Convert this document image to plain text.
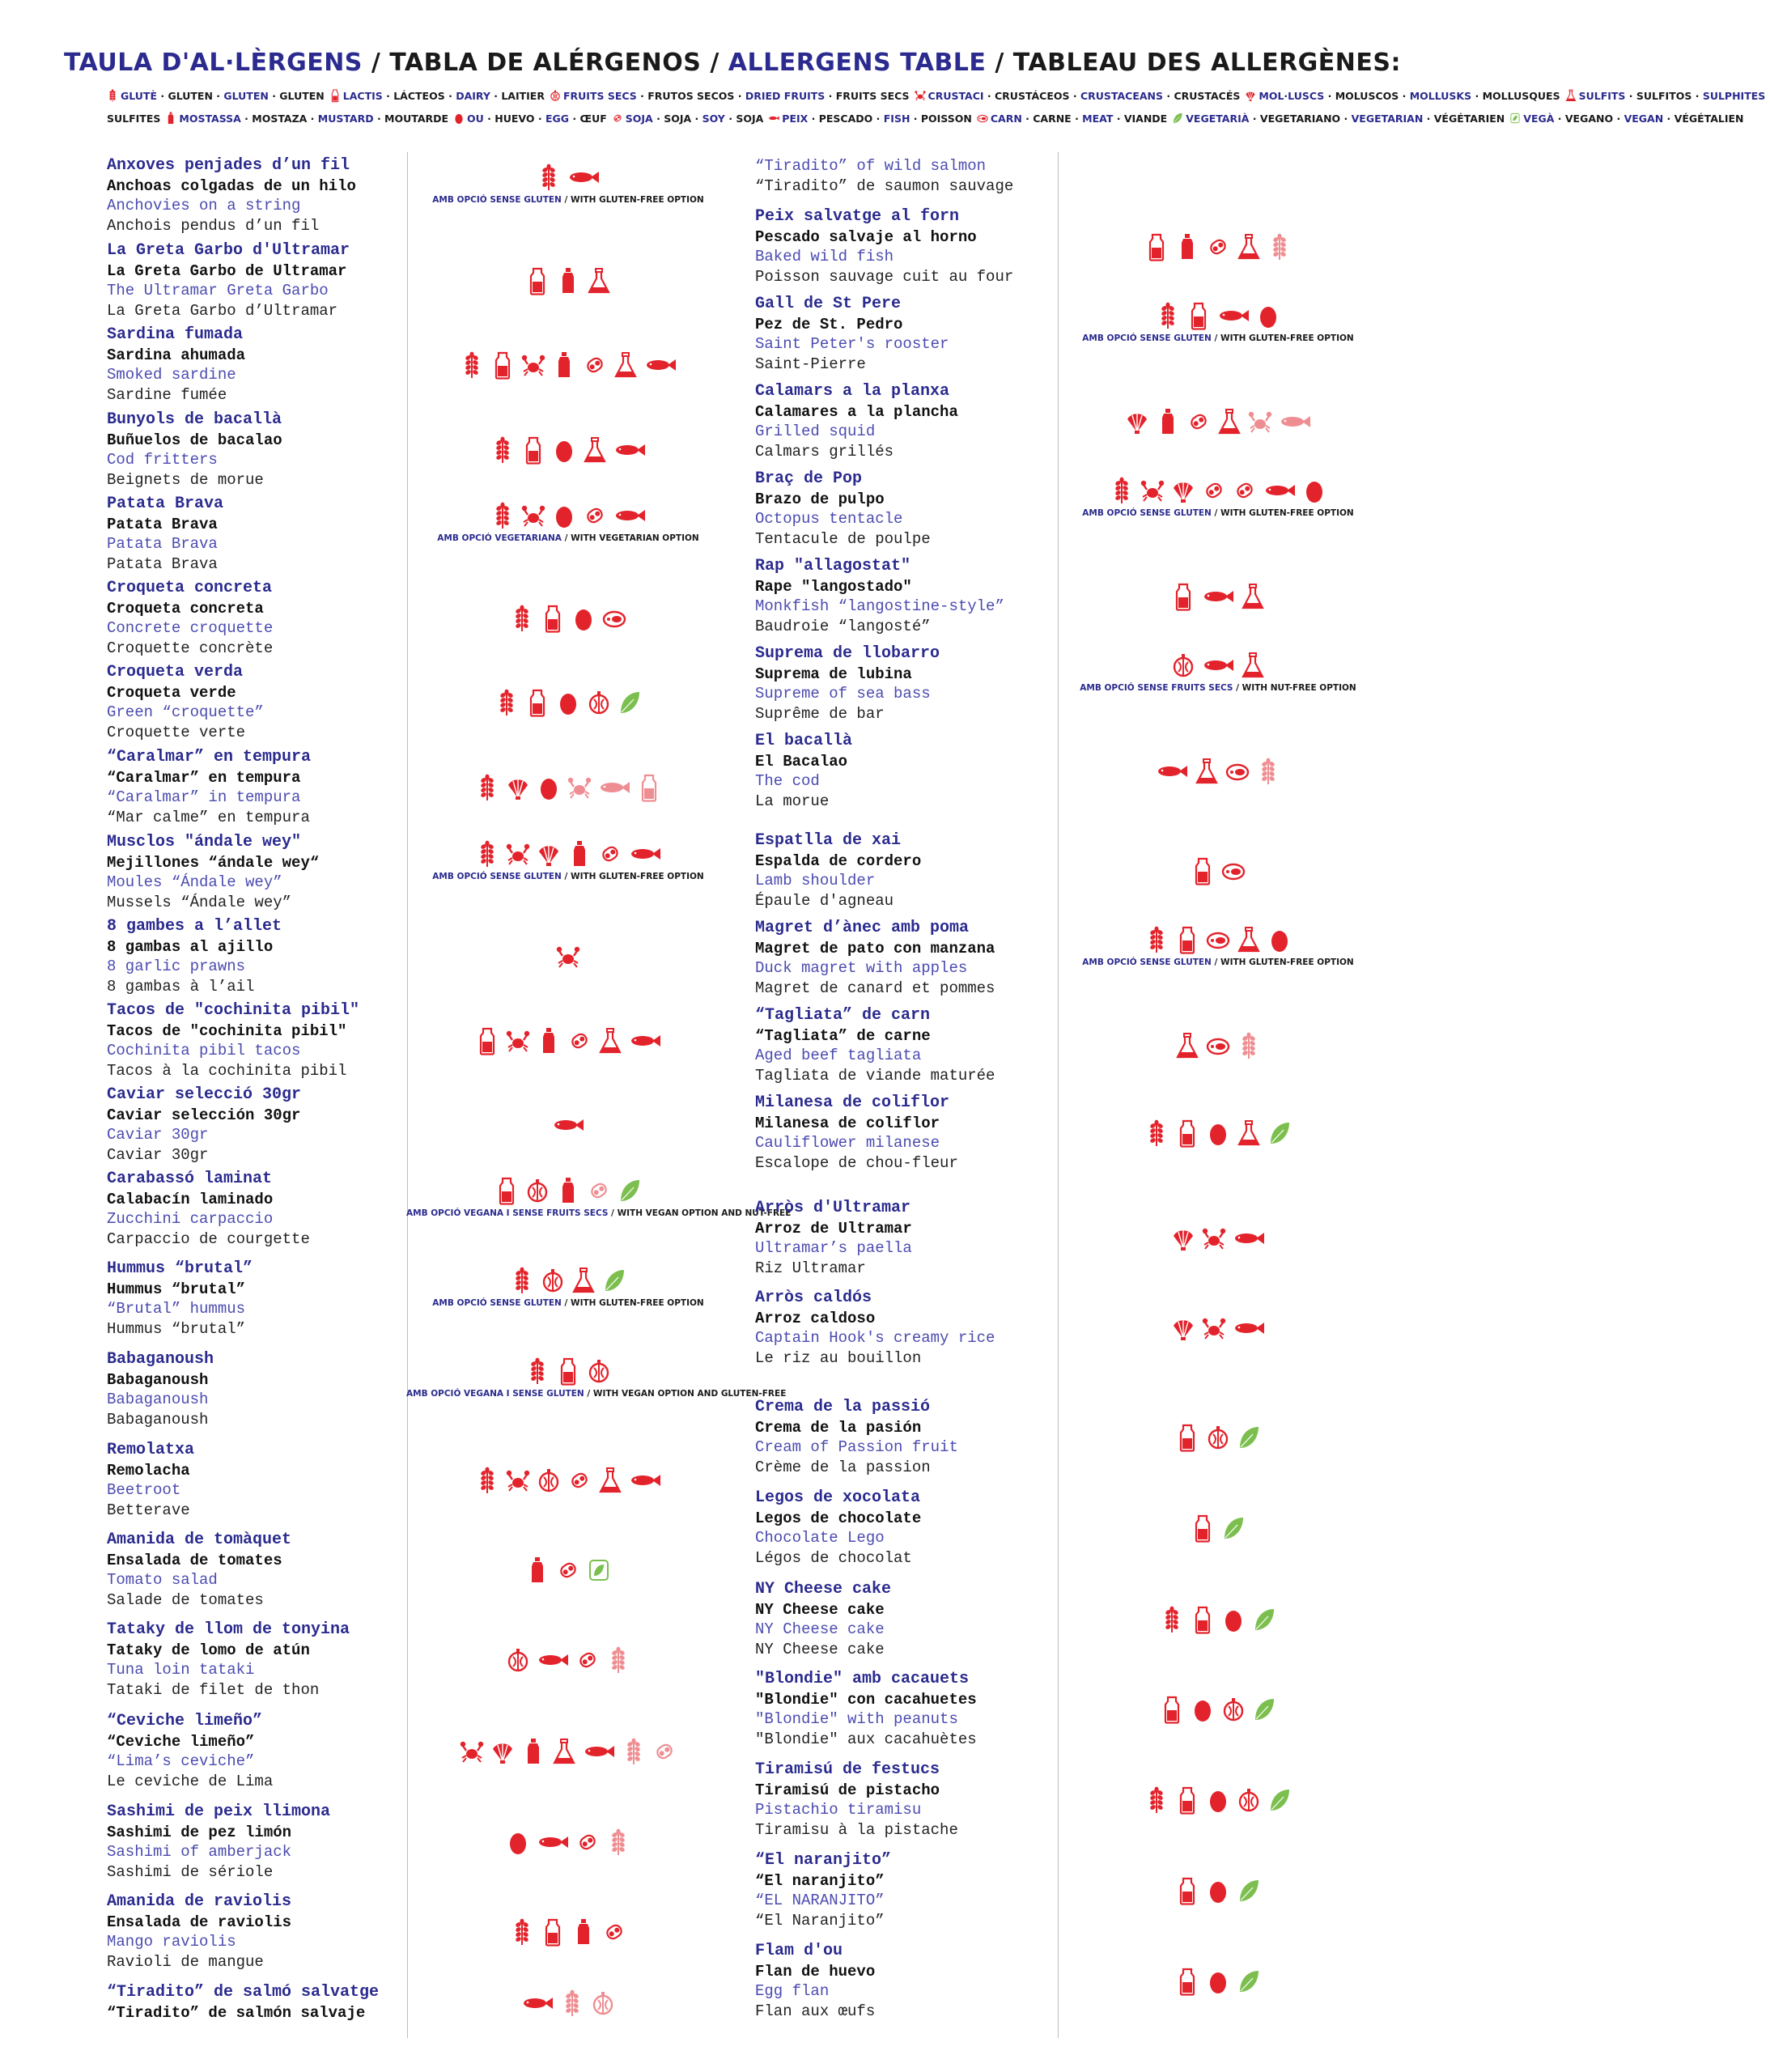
TAULA D'AL·LÈRGENS / TABLA DE ALÉRGENOS / ALLERGENS TABLE / TABLEAU DES ALLERGÈNES:
GLUTÈ · GLUTEN · GLUTEN · GLUTEN LACTIS · LÁCTEOS · DAIRY · LAITIER FRUITS SECS · FRUTOS SECOS · DRIED FRUITS · FRUITS SECS CRUSTACI · CRUSTÁCEOS · CRUSTACEANS · CRUSTACÉS MOL·LUSCS · MOLUSCOS · MOLLUSKS · MOLLUSQUES SULFITS · SULFITOS · SULPHITES
SULFITES MOSTASSA · MOSTAZA · MUSTARD · MOUTARDE OU · HUEVO · EGG · ŒUF SOJA · SOJA · SOY · SOJA PEIX · PESCADO · FISH · POISSON CARN · CARNE · MEAT · VIANDE VEGETARIÀ · VEGETARIANO · VEGETARIAN · VÉGÉTARIEN VEGÀ · VEGANO · VEGAN · VÉGÉTALIEN
Anxoves penjades d’un fil
Anchoas colgadas de un hilo
Anchovies on a string
Anchois pendus d’un fil
AMB OPCIÓ SENSE GLUTEN / WITH GLUTEN-FREE OPTION
La Greta Garbo d'Ultramar
La Greta Garbo de Ultramar
The Ultramar Greta Garbo
La Greta Garbo d’Ultramar
Sardina fumada
Sardina ahumada
Smoked sardine
Sardine fumée
Bunyols de bacallà
Buñuelos de bacalao
Cod fritters
Beignets de morue
Patata Brava
Patata Brava
Patata Brava
Patata Brava
AMB OPCIÓ VEGETARIANA / WITH VEGETARIAN OPTION
Croqueta concreta
Croqueta concreta
Concrete croquette
Croquette concrète
Croqueta verda
Croqueta verde
Green “croquette”
Croquette verte
“Caralmar” en tempura
“Caralmar” en tempura
“Caralmar” in tempura
“Mar calme” en tempura
Musclos "ándale wey"
Mejillones “ándale wey“
Moules “Ándale wey”
Mussels “Ándale wey”
AMB OPCIÓ SENSE GLUTEN / WITH GLUTEN-FREE OPTION
8 gambes a l’allet
8 gambas al ajillo
8 garlic prawns
8 gambas à l’ail
Tacos de "cochinita pibil"
Tacos de "cochinita pibil"
Cochinita pibil tacos
Tacos à la cochinita pibil
Caviar selecció 30gr
Caviar selección 30gr
Caviar 30gr
Caviar 30gr
Carabassó laminat
Calabacín laminado
Zucchini carpaccio
Carpaccio de courgette
AMB OPCIÓ VEGANA I SENSE FRUITS SECS / WITH VEGAN OPTION AND NUT-FREE
Hummus “brutal”
Hummus “brutal”
“Brutal” hummus
Hummus “brutal”
AMB OPCIÓ SENSE GLUTEN / WITH GLUTEN-FREE OPTION
Babaganoush
Babaganoush
Babaganoush
Babaganoush
AMB OPCIÓ VEGANA I SENSE GLUTEN / WITH VEGAN OPTION AND GLUTEN-FREE
Remolatxa
Remolacha
Beetroot
Betterave
Amanida de tomàquet
Ensalada de tomates
Tomato salad
Salade de tomates
Tataky de llom de tonyina
Tataky de lomo de atún
Tuna loin tataki
Tataki de filet de thon
“Ceviche limeño”
“Ceviche limeño”
“Lima’s ceviche”
Le ceviche de Lima
Sashimi de peix llimona
Sashimi de pez limón
Sashimi of amberjack
Sashimi de sériole
Amanida de raviolis
Ensalada de raviolis
Mango raviolis
Ravioli de mangue
“Tiradito” de salmó salvatge
“Tiradito” de salmón salvaje
“Tiradito” of wild salmon
“Tiradito” de saumon sauvage
Peix salvatge al forn
Pescado salvaje al horno
Baked wild fish
Poisson sauvage cuit au four
Gall de St Pere
Pez de St. Pedro
Saint Peter's rooster
Saint-Pierre
AMB OPCIÓ SENSE GLUTEN / WITH GLUTEN-FREE OPTION
Calamars a la planxa
Calamares a la plancha
Grilled squid
Calmars grillés
Braç de Pop
Brazo de pulpo
Octopus tentacle
Tentacule de poulpe
AMB OPCIÓ SENSE GLUTEN / WITH GLUTEN-FREE OPTION
Rap "allagostat"
Rape "langostado"
Monkfish “langostine-style”
Baudroie “langosté”
Suprema de llobarro
Suprema de lubina
Supreme of sea bass
Suprême de bar
AMB OPCIÓ SENSE FRUITS SECS / WITH NUT-FREE OPTION
El bacallà
El Bacalao
The cod
La morue
Espatlla de xai
Espalda de cordero
Lamb shoulder
Épaule d'agneau
Magret d’ànec amb poma
Magret de pato con manzana
Duck magret with apples
Magret de canard et pommes
AMB OPCIÓ SENSE GLUTEN / WITH GLUTEN-FREE OPTION
“Tagliata” de carn
“Tagliata” de carne
Aged beef tagliata
Tagliata de viande maturée
Milanesa de coliflor
Milanesa de coliflor
Cauliflower milanese
Escalope de chou-fleur
Arròs d'Ultramar
Arroz de Ultramar
Ultramar’s paella
Riz Ultramar
Arròs caldós
Arroz caldoso
Captain Hook's creamy rice
Le riz au bouillon
Crema de la passió
Crema de la pasión
Cream of Passion fruit
Crème de la passion
Legos de xocolata
Legos de chocolate
Chocolate Lego
Légos de chocolat
NY Cheese cake
NY Cheese cake
NY Cheese cake
NY Cheese cake
"Blondie" amb cacauets
"Blondie" con cacahuetes
"Blondie" with peanuts
"Blondie" aux cacahuètes
Tiramisú de festucs
Tiramisú de pistacho
Pistachio tiramisu
Tiramisu à la pistache
“El naranjito”
“El naranjito”
“EL NARANJITO”
“El Naranjito”
Flam d'ou
Flan de huevo
Egg flan
Flan aux œufs
